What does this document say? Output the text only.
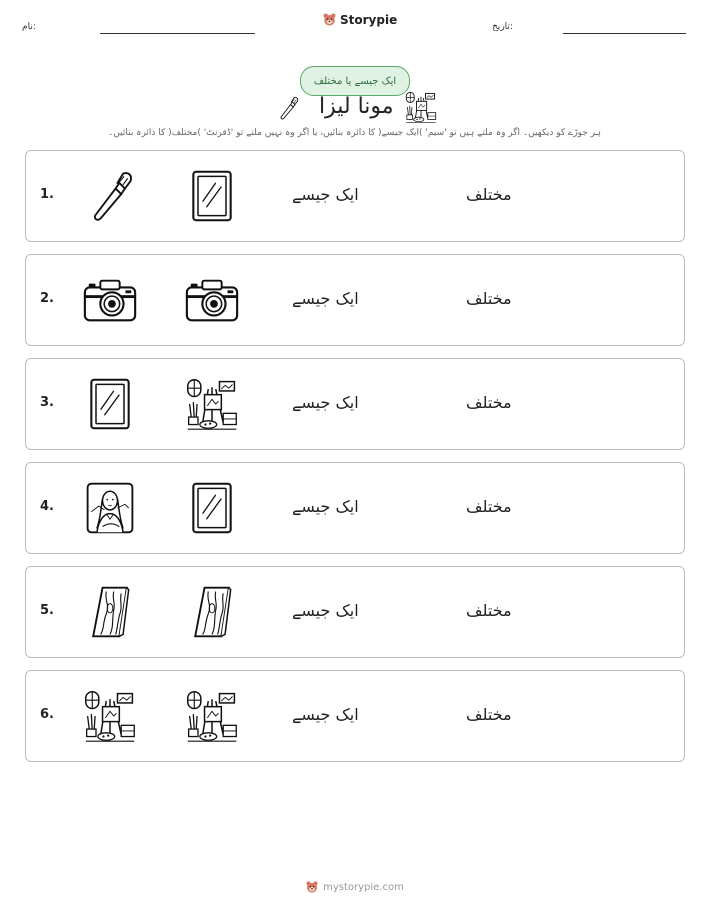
نام:
Storypie
تاریخ:
ایک جیسے یا مختلف
مونا لیزا
ہر جوڑے کو دیکھیں۔ اگر وہ ملتے ہیں تو 'سیم' )ایک جیسے( کا دائرہ بنائیں، یا اگر وہ نہیں ملتے تو 'ڈفرنٹ' )مختلف( کا دائرہ بنائیں۔
1.	ایک جیسے	مختلف
2.	ایک جیسے	مختلف
3.	ایک جیسے	مختلف
4.	ایک جیسے	مختلف
5.	ایک جیسے	مختلف
6.	ایک جیسے	مختلف
mystorypie.com
